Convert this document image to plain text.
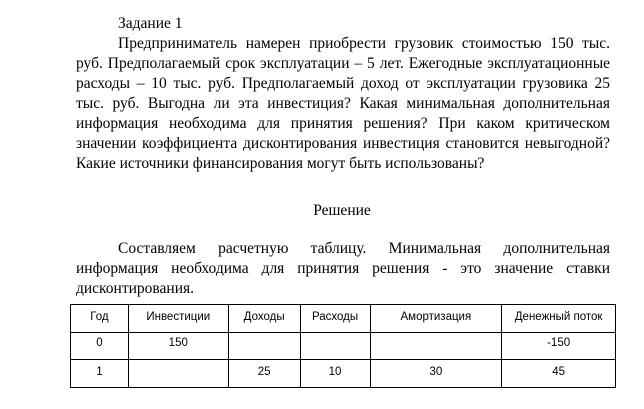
Задание 1

Предприниматель намерен приобрести грузовик стоимостью 150 тыс. руб. Предполагаемый срок эксплуатации – 5 лет. Ежегодные эксплуатационные расходы – 10 тыс. руб. Предполагаемый доход от эксплуатации грузовика 25 тыс. руб. Выгодна ли эта инвестиция? Какая минимальная дополнительная информация необходима для принятия решения? При каком критическом значении коэффициента дисконтирования инвестиция становится невыгодной? Какие источники финансирования могут быть использованы?

Решение

Составляем расчетную таблицу. Минимальная дополнительная информация необходима для принятия решения - это значение ставки дисконтирования.

Год	Инвестиции	Доходы	Расходы	Амортизация	Денежный поток
0	150				-150
1		25	10	30	45
